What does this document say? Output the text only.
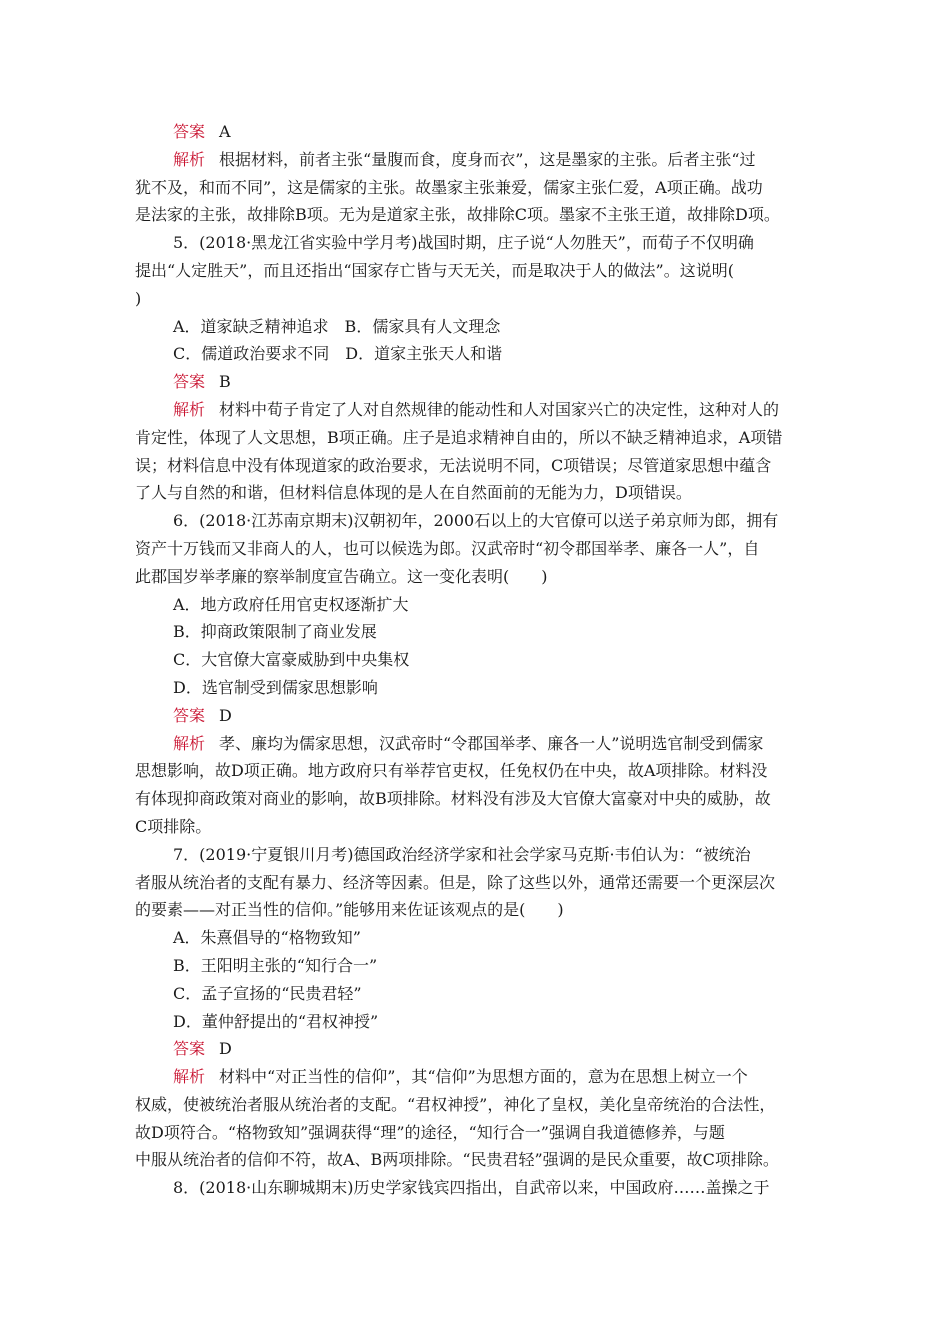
答案 A
解析 根据材料，前者主张“量腹而食，度身而衣”，这是墨家的主张。后者主张“过
犹不及，和而不同”，这是儒家的主张。故墨家主张兼爱，儒家主张仁爱，A项正确。战功
是法家的主张，故排除B项。无为是道家主张，故排除C项。墨家不主张王道，故排除D项。
5．(2018·黑龙江省实验中学月考)战国时期，庄子说“人勿胜天”，而荀子不仅明确
提出“人定胜天”，而且还指出“国家存亡皆与天无关，而是取决于人的做法”。这说明(
)
A．道家缺乏精神追求　B．儒家具有人文理念
C．儒道政治要求不同　D．道家主张天人和谐
答案 B
解析 材料中荀子肯定了人对自然规律的能动性和人对国家兴亡的决定性，这种对人的
肯定性，体现了人文思想，B项正确。庄子是追求精神自由的，所以不缺乏精神追求，A项错
误；材料信息中没有体现道家的政治要求，无法说明不同，C项错误；尽管道家思想中蕴含
了人与自然的和谐，但材料信息体现的是人在自然面前的无能为力，D项错误。
6．(2018·江苏南京期末)汉朝初年，2000石以上的大官僚可以送子弟京师为郎，拥有
资产十万钱而又非商人的人，也可以候选为郎。汉武帝时“初令郡国举孝、廉各一人”，自
此郡国岁举孝廉的察举制度宣告确立。这一变化表明(　　)
A．地方政府任用官吏权逐渐扩大
B．抑商政策限制了商业发展
C．大官僚大富豪威胁到中央集权
D．选官制受到儒家思想影响
答案 D
解析 孝、廉均为儒家思想，汉武帝时“令郡国举孝、廉各一人”说明选官制受到儒家
思想影响，故D项正确。地方政府只有举荐官吏权，任免权仍在中央，故A项排除。材料没
有体现抑商政策对商业的影响，故B项排除。材料没有涉及大官僚大富豪对中央的威胁，故
C项排除。
7．(2019·宁夏银川月考)德国政治经济学家和社会学家马克斯·韦伯认为：“被统治
者服从统治者的支配有暴力、经济等因素。但是，除了这些以外，通常还需要一个更深层次
的要素——对正当性的信仰。”能够用来佐证该观点的是(　　)
A．朱熹倡导的“格物致知”
B．王阳明主张的“知行合一”
C．孟子宣扬的“民贵君轻”
D．董仲舒提出的“君权神授”
答案 D
解析 材料中“对正当性的信仰”，其“信仰”为思想方面的，意为在思想上树立一个
权威，使被统治者服从统治者的支配。“君权神授”，神化了皇权，美化皇帝统治的合法性，
故D项符合。“格物致知”强调获得“理”的途径，“知行合一”强调自我道德修养，与题
中服从统治者的信仰不符，故A、B两项排除。“民贵君轻”强调的是民众重要，故C项排除。
8．(2018·山东聊城期末)历史学家钱宾四指出，自武帝以来，中国政府……盖操之于
